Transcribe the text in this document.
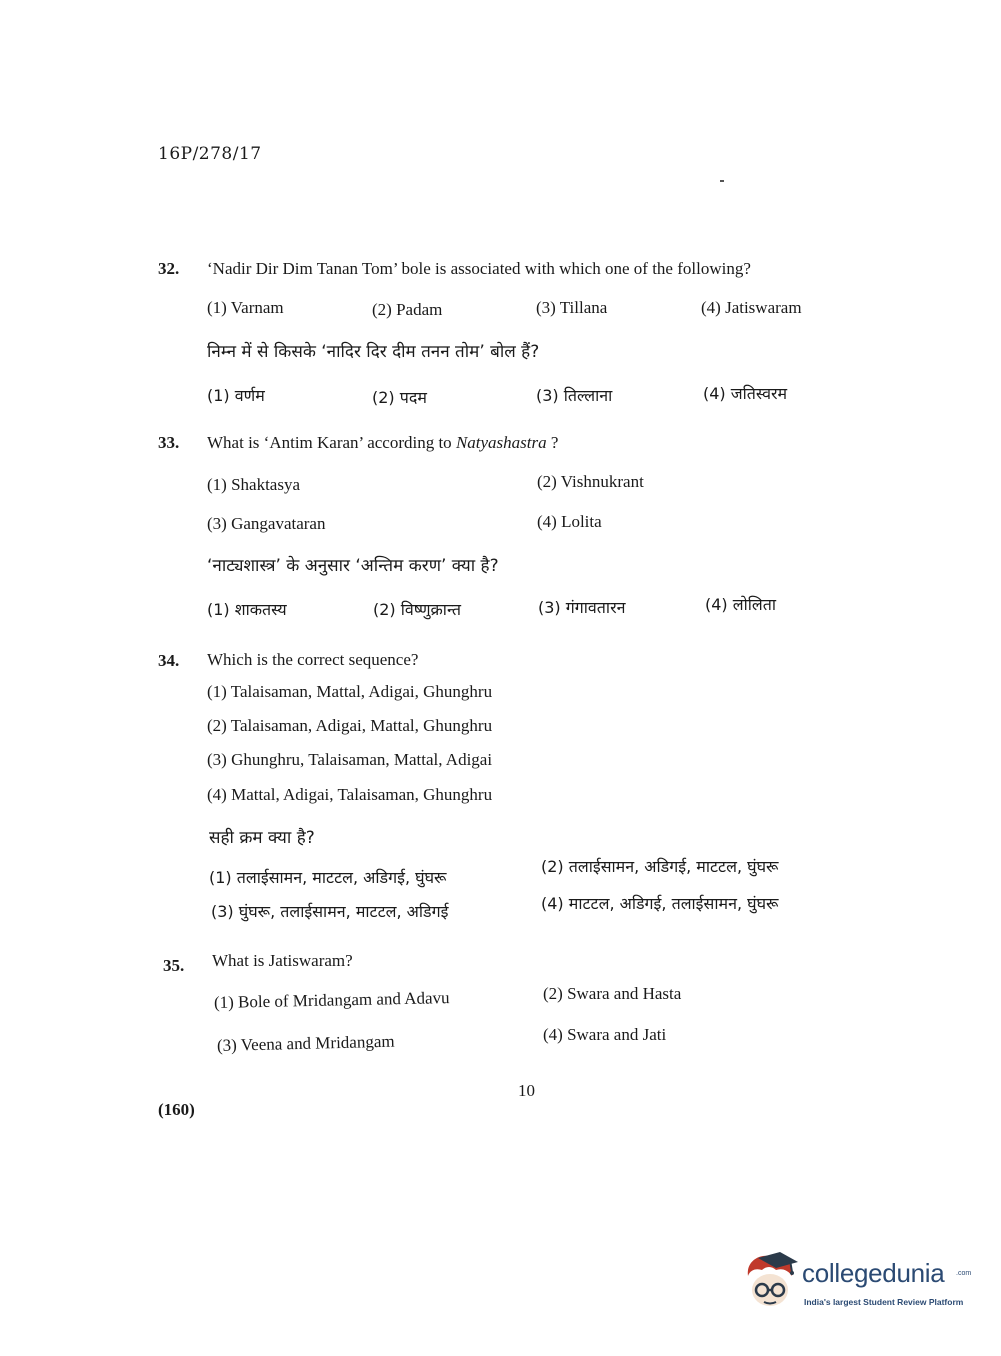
16P/278/17
32. ‘Nadir Dir Dim Tanan Tom’ bole is associated with which one of the following?
(1) Varnam	(2) Padam	(3) Tillana	(4) Jatiswaram
निम्न में से किसके ‘नादिर दिर दीम तनन तोम’ बोल हैं?
(1) वर्णम	(2) पदम	(3) तिल्लाना	(4) जतिस्वरम
33. What is ‘Antim Karan’ according to Natyashastra ?
(1) Shaktasya	(2) Vishnukrant
(3) Gangavataran	(4) Lolita
‘नाट्यशास्त्र’ के अनुसार ‘अन्तिम करण’ क्या है?
(1) शाकतस्य	(2) विष्णुक्रान्त	(3) गंगावतारन	(4) लोलिता
34. Which is the correct sequence?
(1) Talaisaman, Mattal, Adigai, Ghunghru
(2) Talaisaman, Adigai, Mattal, Ghunghru
(3) Ghunghru, Talaisaman, Mattal, Adigai
(4) Mattal, Adigai, Talaisaman, Ghunghru
सही क्रम क्या है?
(1) तलाईसामन, माटटल, अडिगई, घुंघरू
(2) तलाईसामन, अडिगई, माटटल, घुंघरू
(3) घुंघरू, तलाईसामन, माटटल, अडिगई	(4) माटटल, अडिगई, तलाईसामन, घुंघरू
35. What is Jatiswaram?
(1) Bole of Mridangam and Adavu	(2) Swara and Hasta
(3) Veena and Mridangam	(4) Swara and Jati
10
(160)
collegedunia .com
India's largest Student Review Platform
